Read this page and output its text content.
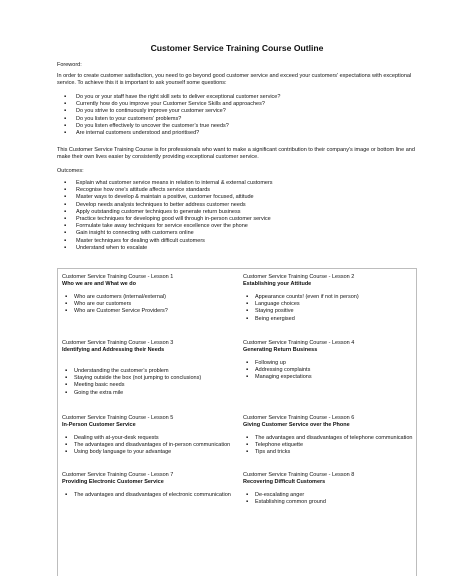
Customer Service Training Course Outline
Foreword:
In order to create customer satisfaction, you need to go beyond good customer service and exceed your customers' expectations with exceptional service. To achieve this it is important to ask yourself some questions:
▪ Do you or your staff have the right skill sets to deliver exceptional customer service?
▪ Currently how do you improve your Customer Service Skills and approaches?
▪ Do you strive to continuously improve your customer service?
▪ Do you listen to your customers’ problems?
▪ Do you listen effectively to uncover the customer’s true needs?
▪ Are internal customers understood and prioritised?
This Customer Service Training Course is for professionals who want to make a significant contribution to their company’s image or bottom line and make their own lives easier by consistently providing exceptional customer service.
Outcomes:
▪ Explain what customer service means in relation to internal & external customers
▪ Recognise how one’s attitude affects service standards
▪ Master ways to develop & maintain a positive, customer focused, attitude
▪ Develop needs analysis techniques to better address customer needs
▪ Apply outstanding customer techniques to generate return business
▪ Practice techniques for developing good will through in-person customer service
▪ Formulate take away techniques for service excellence over the phone
▪ Gain insight to connecting with customers online
▪ Master techniques for dealing with difficult customers
▪ Understand when to escalate
Customer Service Training Course - Lesson 1
Who we are and What we do
▪ Who are customers (internal/external)
▪ Who are our customers
▪ Who are Customer Service Providers?
Customer Service Training Course - Lesson 2
Establishing your Attitude
▪ Appearance counts! (even if not in person)
▪ Language choices
▪ Staying positive
▪ Being energised
Customer Service Training Course - Lesson 3
Identifying and Addressing their Needs
▪ Understanding the customer’s problem
▪ Staying outside the box (not jumping to conclusions)
▪ Meeting basic needs
▪ Going the extra mile
Customer Service Training Course - Lesson 4
Generating Return Business
▪ Following up
▪ Addressing complaints
▪ Managing expectations
Customer Service Training Course - Lesson 5
In-Person Customer Service
▪ Dealing with at-your-desk requests
▪ The advantages and disadvantages of in-person communication
▪ Using body language to your advantage
Customer Service Training Course - Lesson 6
Giving Customer Service over the Phone
▪ The advantages and disadvantages of telephone communication
▪ Telephone etiquette
▪ Tips and tricks
Customer Service Training Course - Lesson 7
Providing Electronic Customer Service
▪ The advantages and disadvantages of electronic communication
Customer Service Training Course - Lesson 8
Recovering Difficult Customers
▪ De-escalating anger
▪ Establishing common ground
